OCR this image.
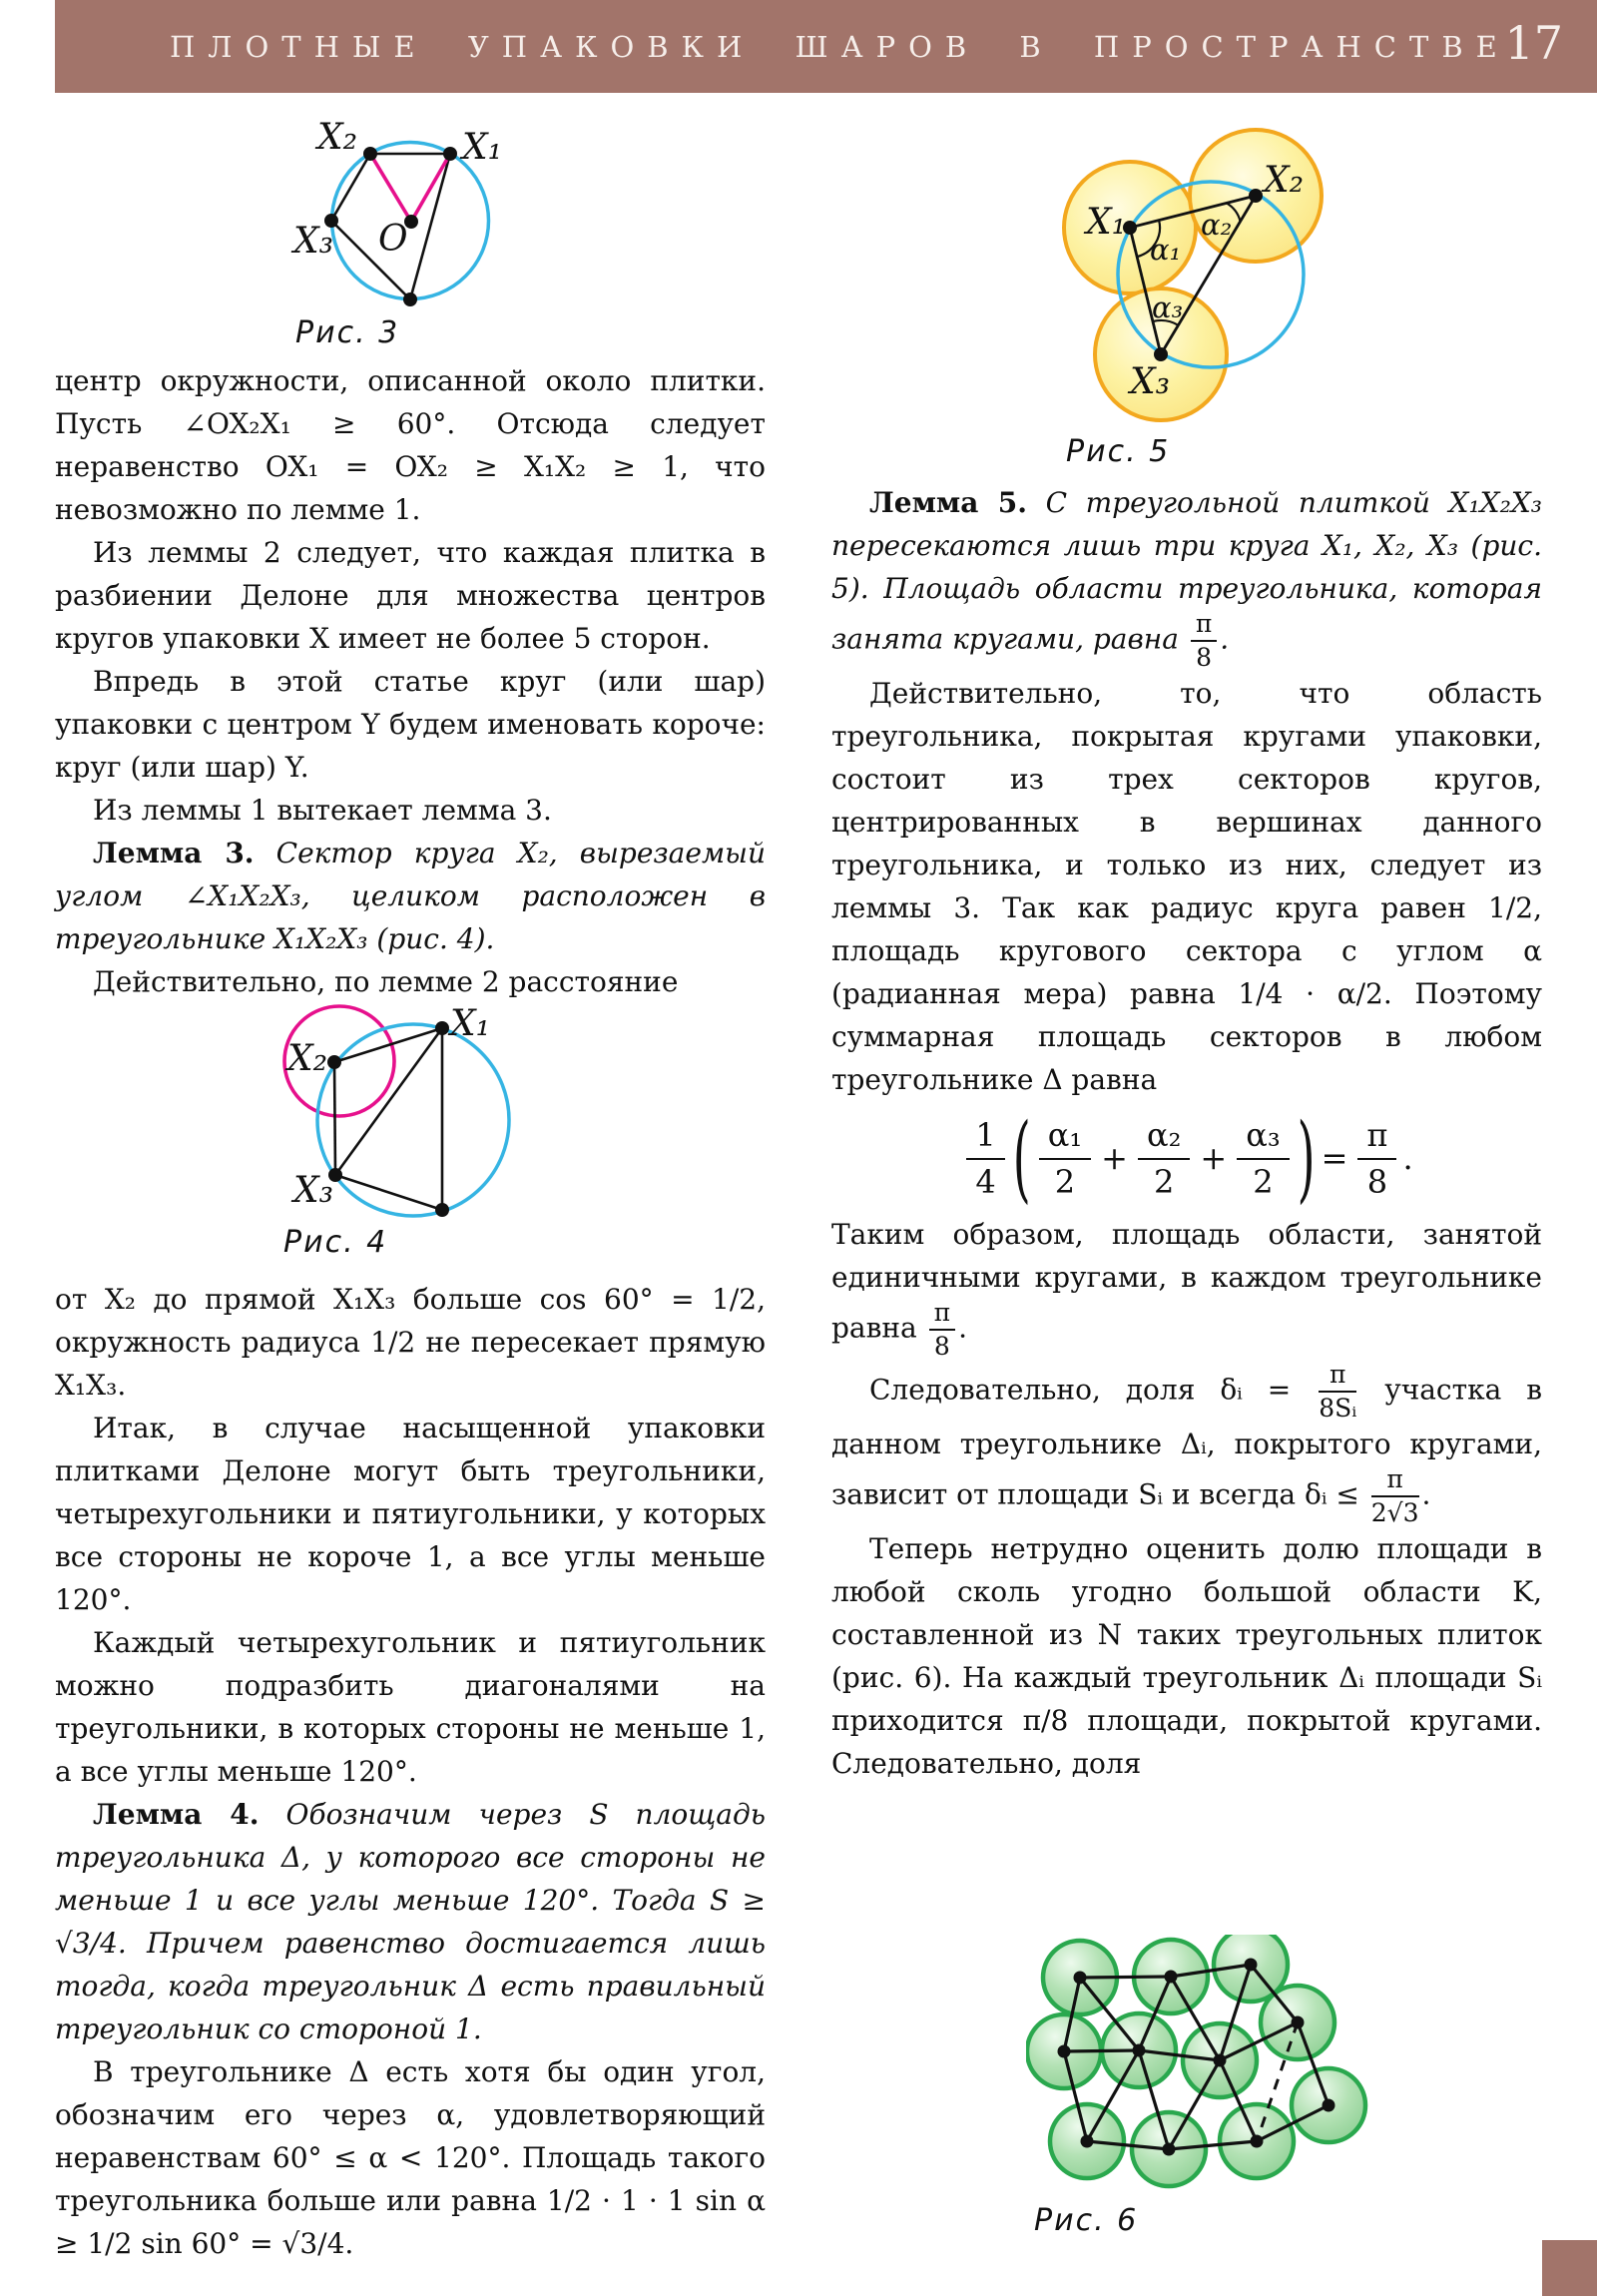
ПЛОТНЫЕ УПАКОВКИ ШАРОВ В ПРОСТРАНСТВЕ
17
X₂	X₁
X₃ O
Рис. 3

центр окружности, описанной около плитки. Пусть ∠OX₂X₁ ≥ 60°. Отсюда следует неравенство OX₁ = OX₂ ≥ X₁X₂ ≥ 1, что невозможно по лемме 1.

Из леммы 2 следует, что каждая плитка в разбиении Делоне для множества центров кругов упаковки X имеет не более 5 сторон.

Впредь в этой статье круг (или шар) упаковки с центром Y будем именовать короче: круг (или шар) Y.

Из леммы 1 вытекает лемма 3.

Лемма 3. Сектор круга X₂, вырезаемый углом ∠X₁X₂X₃, целиком расположен в треугольнике X₁X₂X₃ (рис. 4).

Действительно, по лемме 2 расстояние

X₁
X₂
X₃
Рис. 4

от X₂ до прямой X₁X₃ больше cos 60° = 1/2, окружность радиуса 1/2 не пересекает прямую X₁X₃.

Итак, в случае насыщенной упаковки плитками Делоне могут быть треугольники, четырехугольники и пятиугольники, у которых все стороны не короче 1, а все углы меньше 120°.

Каждый четырехугольник и пятиугольник можно подразбить диагоналями на треугольники, в которых стороны не меньше 1, а все углы меньше 120°.

Лемма 4. Обозначим через S площадь треугольника Δ, у которого все стороны не меньше 1 и все углы меньше 120°. Тогда S ≥ √3/4. Причем равенство достигается лишь тогда, когда треугольник Δ есть правильный треугольник со стороной 1.

В треугольнике Δ есть хотя бы один угол, обозначим его через α, удовлетворяющий неравенствам 60° ≤ α < 120°. Площадь такого треугольника больше или равна 1/2 · 1 · 1 sin α ≥ 1/2 sin 60° = √3/4.

X₁
X₂
X₃
α₁
α₂
α₃
Рис. 5

Лемма 5. С треугольной плиткой X₁X₂X₃ пересекаются лишь три круга X₁, X₂, X₃ (рис. 5). Площадь области треугольника, которая занята кругами, равна $\frac{\pi}{8}$ .

Действительно, то, что область треугольника, покрытая кругами упаковки, состоит из трех секторов кругов, центрированных в вершинах данного треугольника, и только из них, следует из леммы 3. Так как радиус круга равен 1/2, площадь кругового сектора с углом α (радианная мера) равна 1/4 · α/2. Поэтому суммарная площадь секторов в любом треугольнике Δ равна

$\frac{1}{4}$ ( $\frac{\text{α₁}}{2} + \frac{\text{α₂}}{2} + \frac{\text{α₃}}{2}$ ) = $\frac{\pi}{8}$ .

Таким образом, площадь области, занятой единичными кругами, в каждом треугольнике равна $\frac{\pi}{8}$ .

Следовательно, доля δᵢ = $\frac{\pi}{\text{8Sᵢ}}$ участка в данном треугольнике Δᵢ, покрытого кругами, зависит от площади Sᵢ и всегда δᵢ ≤ $\frac{\pi}{2√3}$ .

Теперь нетрудно оценить долю площади в любой сколь угодно большой области K, составленной из N таких треугольных плиток (рис. 6). На каждый треугольник Δᵢ площади Sᵢ приходится π/8 площади, покрытой кругами. Следовательно, доля

Рис. 6
